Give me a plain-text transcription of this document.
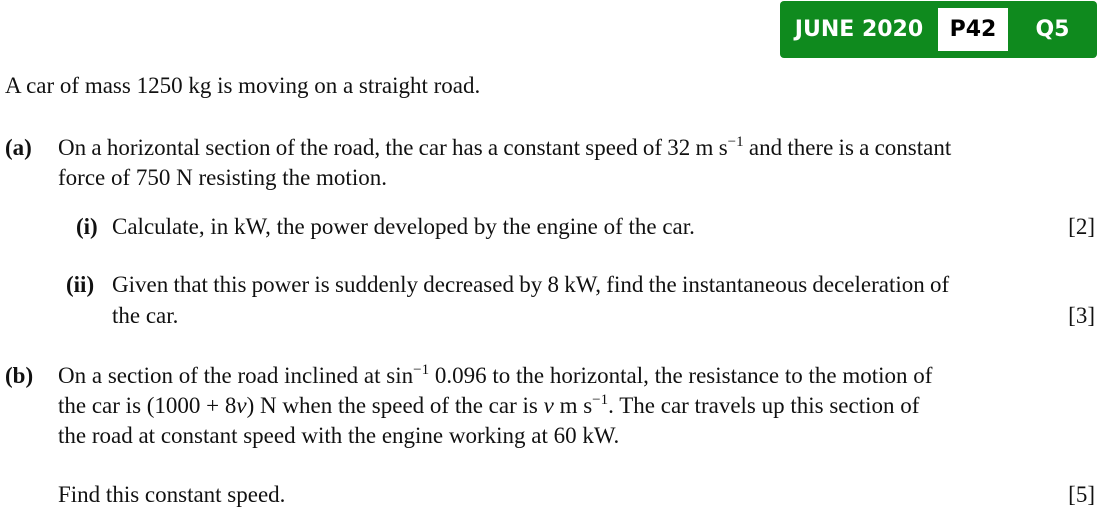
JUNE 2020	P42	Q5
A car of mass 1250 kg is moving on a straight road.
(a) On a horizontal section of the road, the car has a constant speed of 32 m $s^{-1}$ and there is a constant
force of 750 N resisting the motion.
(i) Calculate, in kW, the power developed by the engine of the car.	[2]
(ii) Given that this power is suddenly decreased by 8 kW, find the instantaneous deceleration of
the car.	[3]
(b) On a section of the road inclined at $\sin^{-1} 0.096$ to the horizontal, the resistance to the motion of
the car is (1000 + 8v) N when the speed of the car is v m $s^{-1}$. The car travels up this section of
the road at constant speed with the engine working at 60 kW.
Find this constant speed.	[5]
